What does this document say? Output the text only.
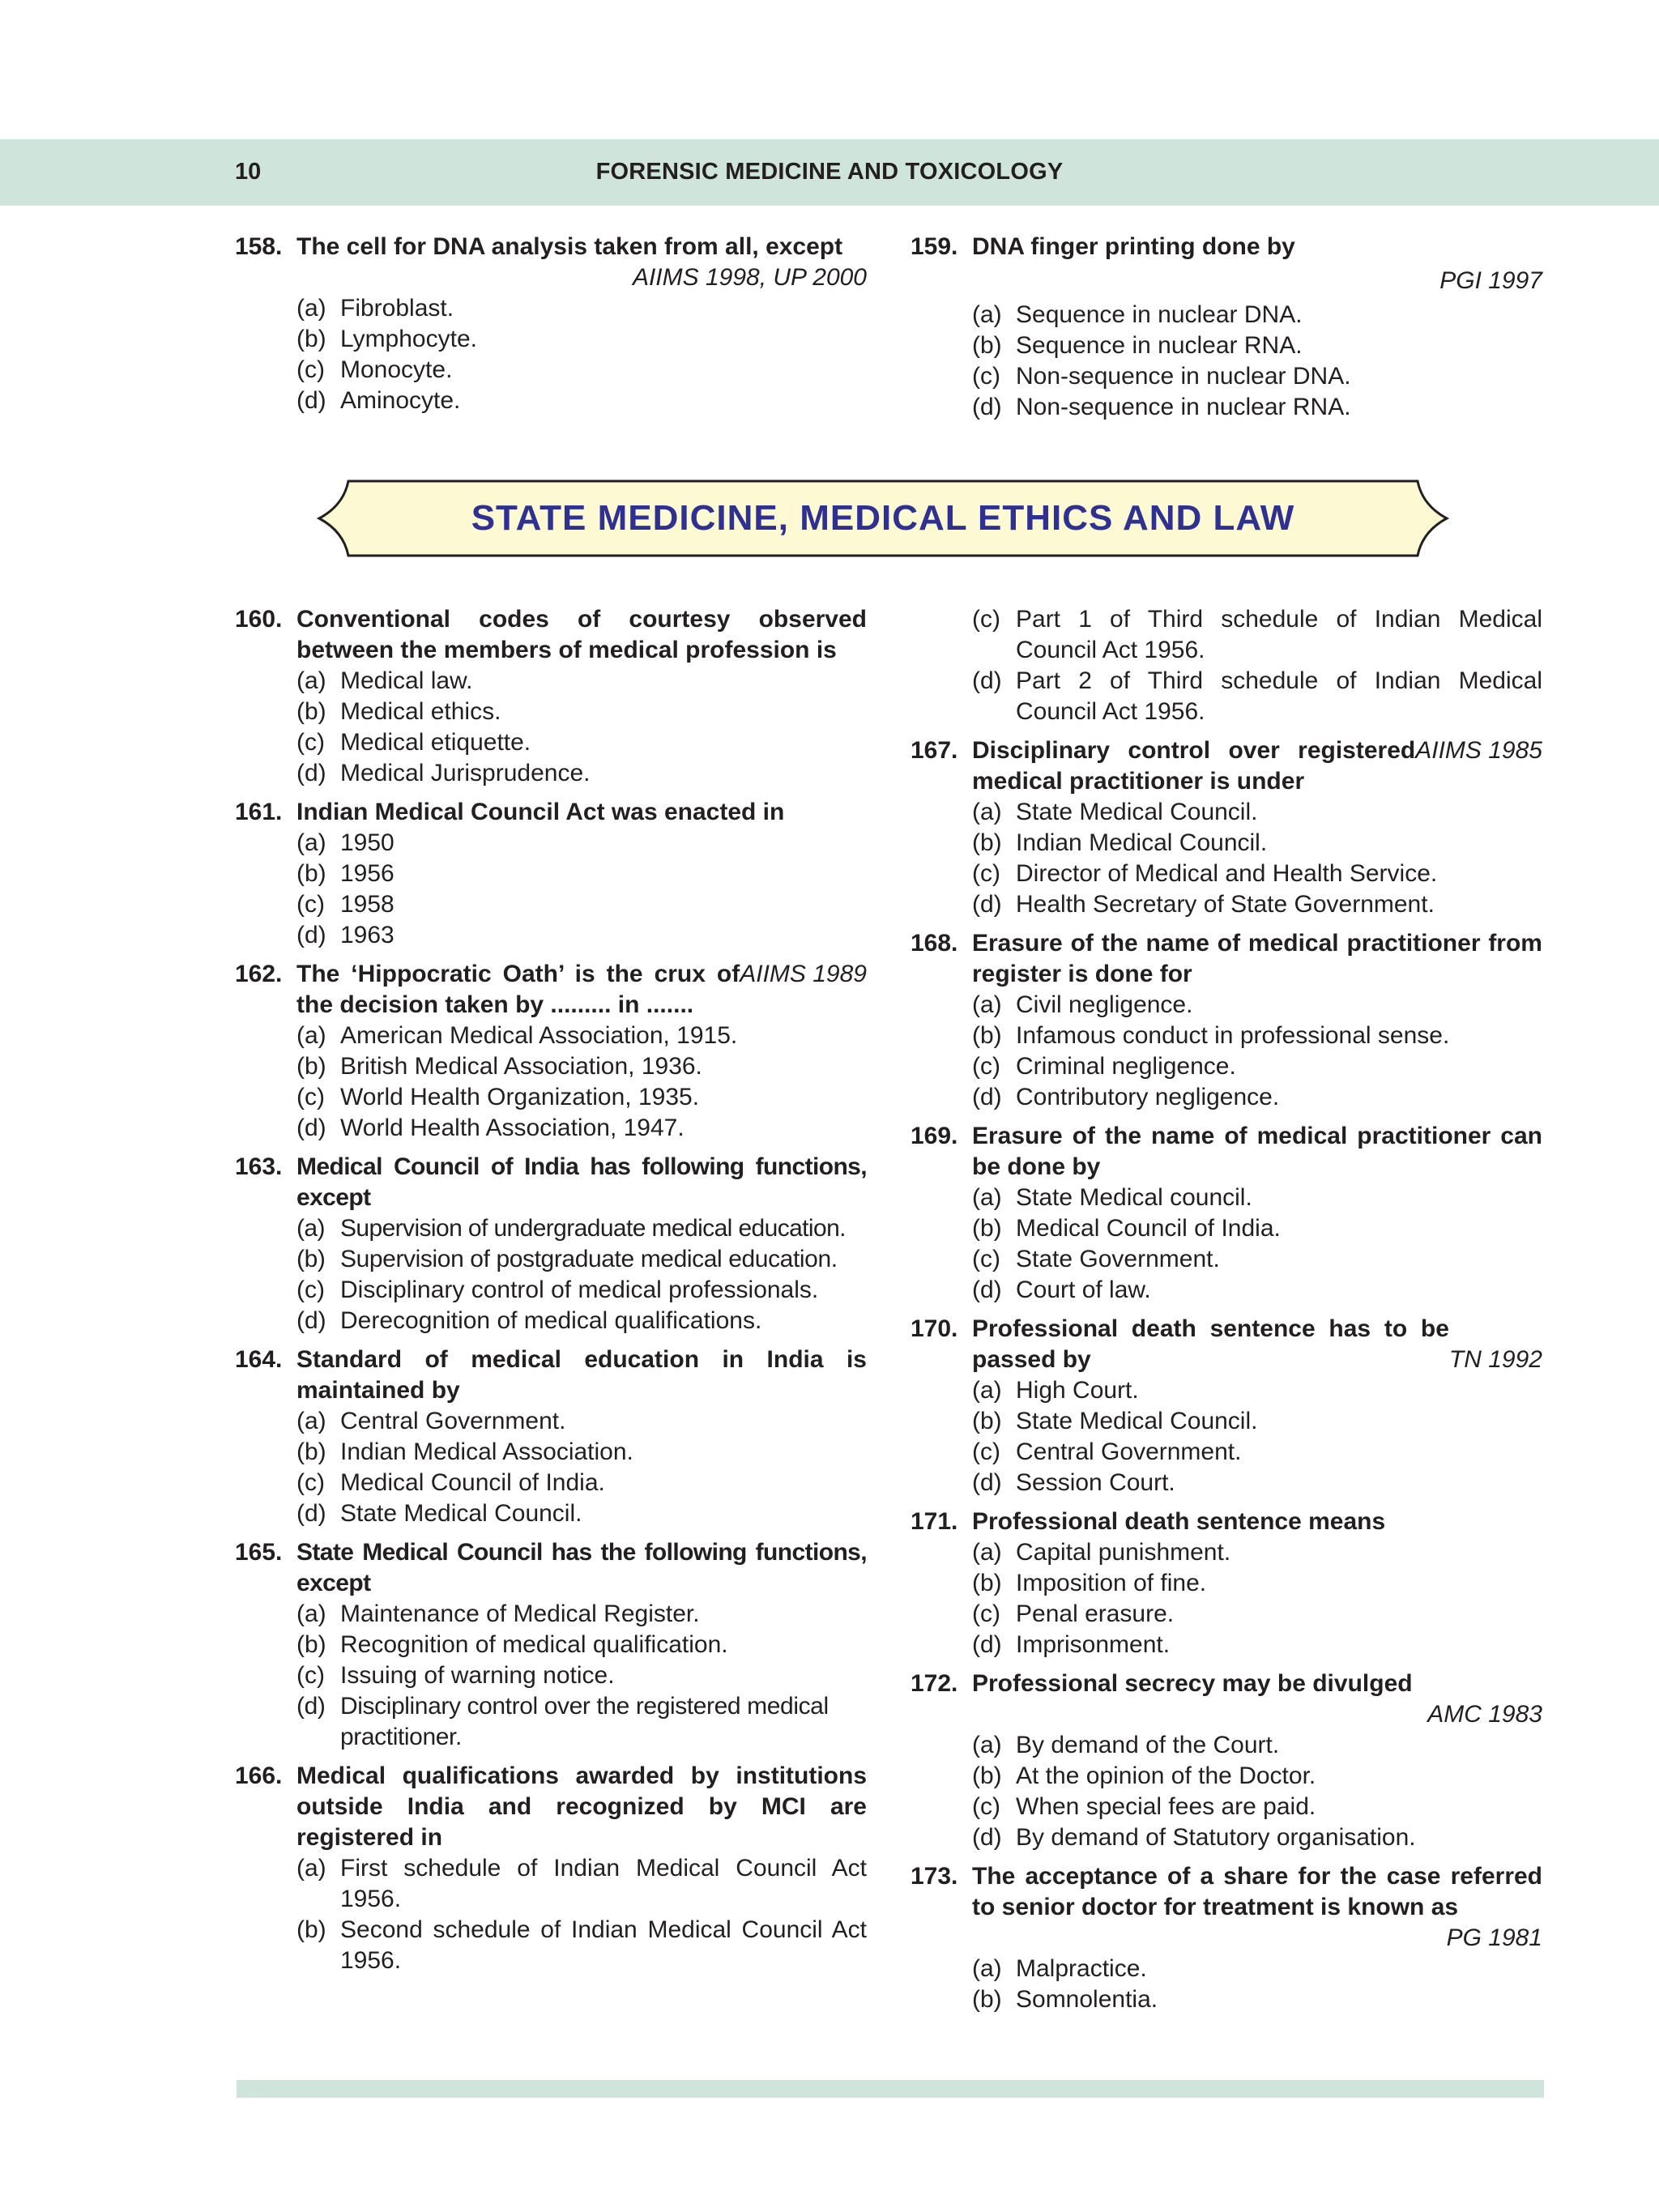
10	FORENSIC MEDICINE AND TOXICOLOGY
158. The cell for DNA analysis taken from all, except
AIIMS 1998, UP 2000
(a) Fibroblast.
(b) Lymphocyte.
(c) Monocyte.
(d) Aminocyte.
159. DNA finger printing done by
PGI 1997
(a) Sequence in nuclear DNA.
(b) Sequence in nuclear RNA.
(c) Non-sequence in nuclear DNA.
(d) Non-sequence in nuclear RNA.
STATE MEDICINE, MEDICAL ETHICS AND LAW
160. Conventional codes of courtesy observed between the members of medical profession is
(a) Medical law.
(b) Medical ethics.
(c) Medical etiquette.
(d) Medical Jurisprudence.
161. Indian Medical Council Act was enacted in
(a) 1950
(b) 1956
(c) 1958
(d) 1963
162.	AIIMS 1989
The ‘Hippocratic Oath’ is the crux of the decision taken by ......... in .......
(a) American Medical Association, 1915.
(b) British Medical Association, 1936.
(c) World Health Organization, 1935.
(d) World Health Association, 1947.
163. Medical Council of India has following functions, except
(a) Supervision of undergraduate medical education.
(b) Supervision of postgraduate medical education.
(c) Disciplinary control of medical professionals.
(d) Derecognition of medical qualifications.
164. Standard of medical education in India is maintained by
(a) Central Government.
(b) Indian Medical Association.
(c) Medical Council of India.
(d) State Medical Council.
165. State Medical Council has the following functions, except
(a) Maintenance of Medical Register.
(b) Recognition of medical qualification.
(c) Issuing of warning notice.
(d) Disciplinary control over the registered medical practitioner.
166. Medical qualifications awarded by institutions outside India and recognized by MCI are registered in
(a) First schedule of Indian Medical Council Act 1956.
(b) Second schedule of Indian Medical Council Act 1956.
(c) Part 1 of Third schedule of Indian Medical Council Act 1956.
(d) Part 2 of Third schedule of Indian Medical Council Act 1956.
167.	AIIMS 1985
Disciplinary control over registered medical practitioner is under
(a) State Medical Council.
(b) Indian Medical Council.
(c) Director of Medical and Health Service.
(d) Health Secretary of State Government.
168. Erasure of the name of medical practitioner from register is done for
(a) Civil negligence.
(b) Infamous conduct in professional sense.
(c) Criminal negligence.
(d) Contributory negligence.
169. Erasure of the name of medical practitioner can be done by
(a) State Medical council.
(b) Medical Council of India.
(c) State Government.
(d) Court of law.
170.
TN 1992
Professional death sentence has to be passed by
(a) High Court.
(b) State Medical Council.
(c) Central Government.
(d) Session Court.
171. Professional death sentence means
(a) Capital punishment.
(b) Imposition of fine.
(c) Penal erasure.
(d) Imprisonment.
172. Professional secrecy may be divulged
AMC 1983
(a) By demand of the Court.
(b) At the opinion of the Doctor.
(c) When special fees are paid.
(d) By demand of Statutory organisation.
173. The acceptance of a share for the case referred to senior doctor for treatment is known as
PG 1981
(a) Malpractice.
(b) Somnolentia.
